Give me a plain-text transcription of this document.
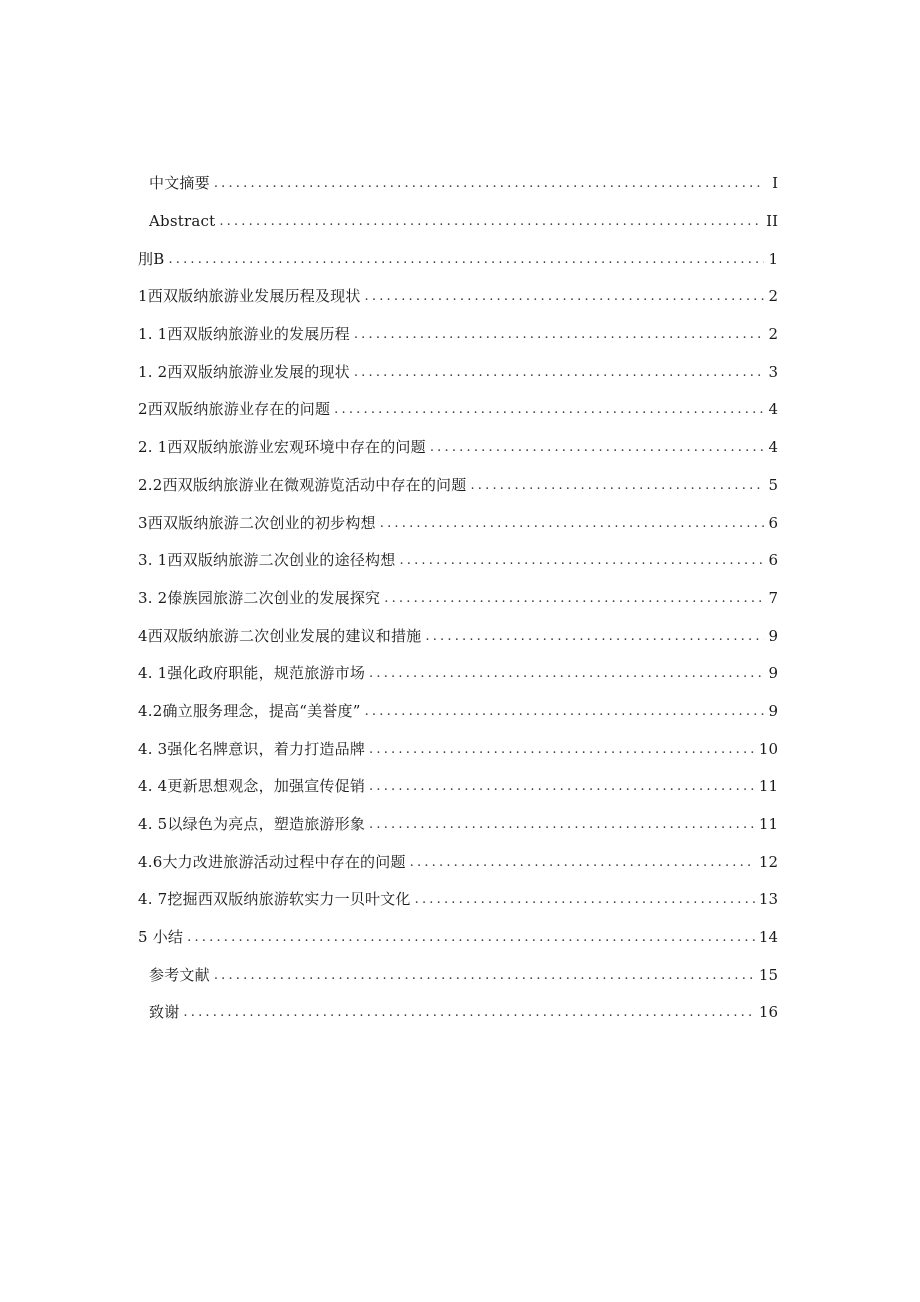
中文摘要 .....	I
Abstract .....	II
刖B .....	1
1西双版纳旅游业发展历程及现状 .....	2
1. 1西双版纳旅游业的发展历程 .....	2
1. 2西双版纳旅游业发展的现状 .....	3
2西双版纳旅游业存在的问题 .....	4
2. 1西双版纳旅游业宏观环境中存在的问题 .....	4
2.2西双版纳旅游业在微观游览活动中存在的问题 .....	5
3西双版纳旅游二次创业的初步构想 .....	6
3. 1西双版纳旅游二次创业的途径构想 .....	6
3. 2傣族园旅游二次创业的发展探究 .....	7
4西双版纳旅游二次创业发展的建议和措施 .....	9
4. 1强化政府职能，规范旅游市场 .....	9
4.2确立服务理念，提高“美誉度” .....	9
4. 3强化名牌意识，着力打造品牌 .....	10
4. 4更新思想观念，加强宣传促销 .....	11
4. 5以绿色为亮点，塑造旅游形象 .....	11
4.6大力改进旅游活动过程中存在的问题 .....	12
4. 7挖掘西双版纳旅游软实力一贝叶文化 .....	13
5 小结 .....	14
参考文献 .....	15
致谢 .....	16
